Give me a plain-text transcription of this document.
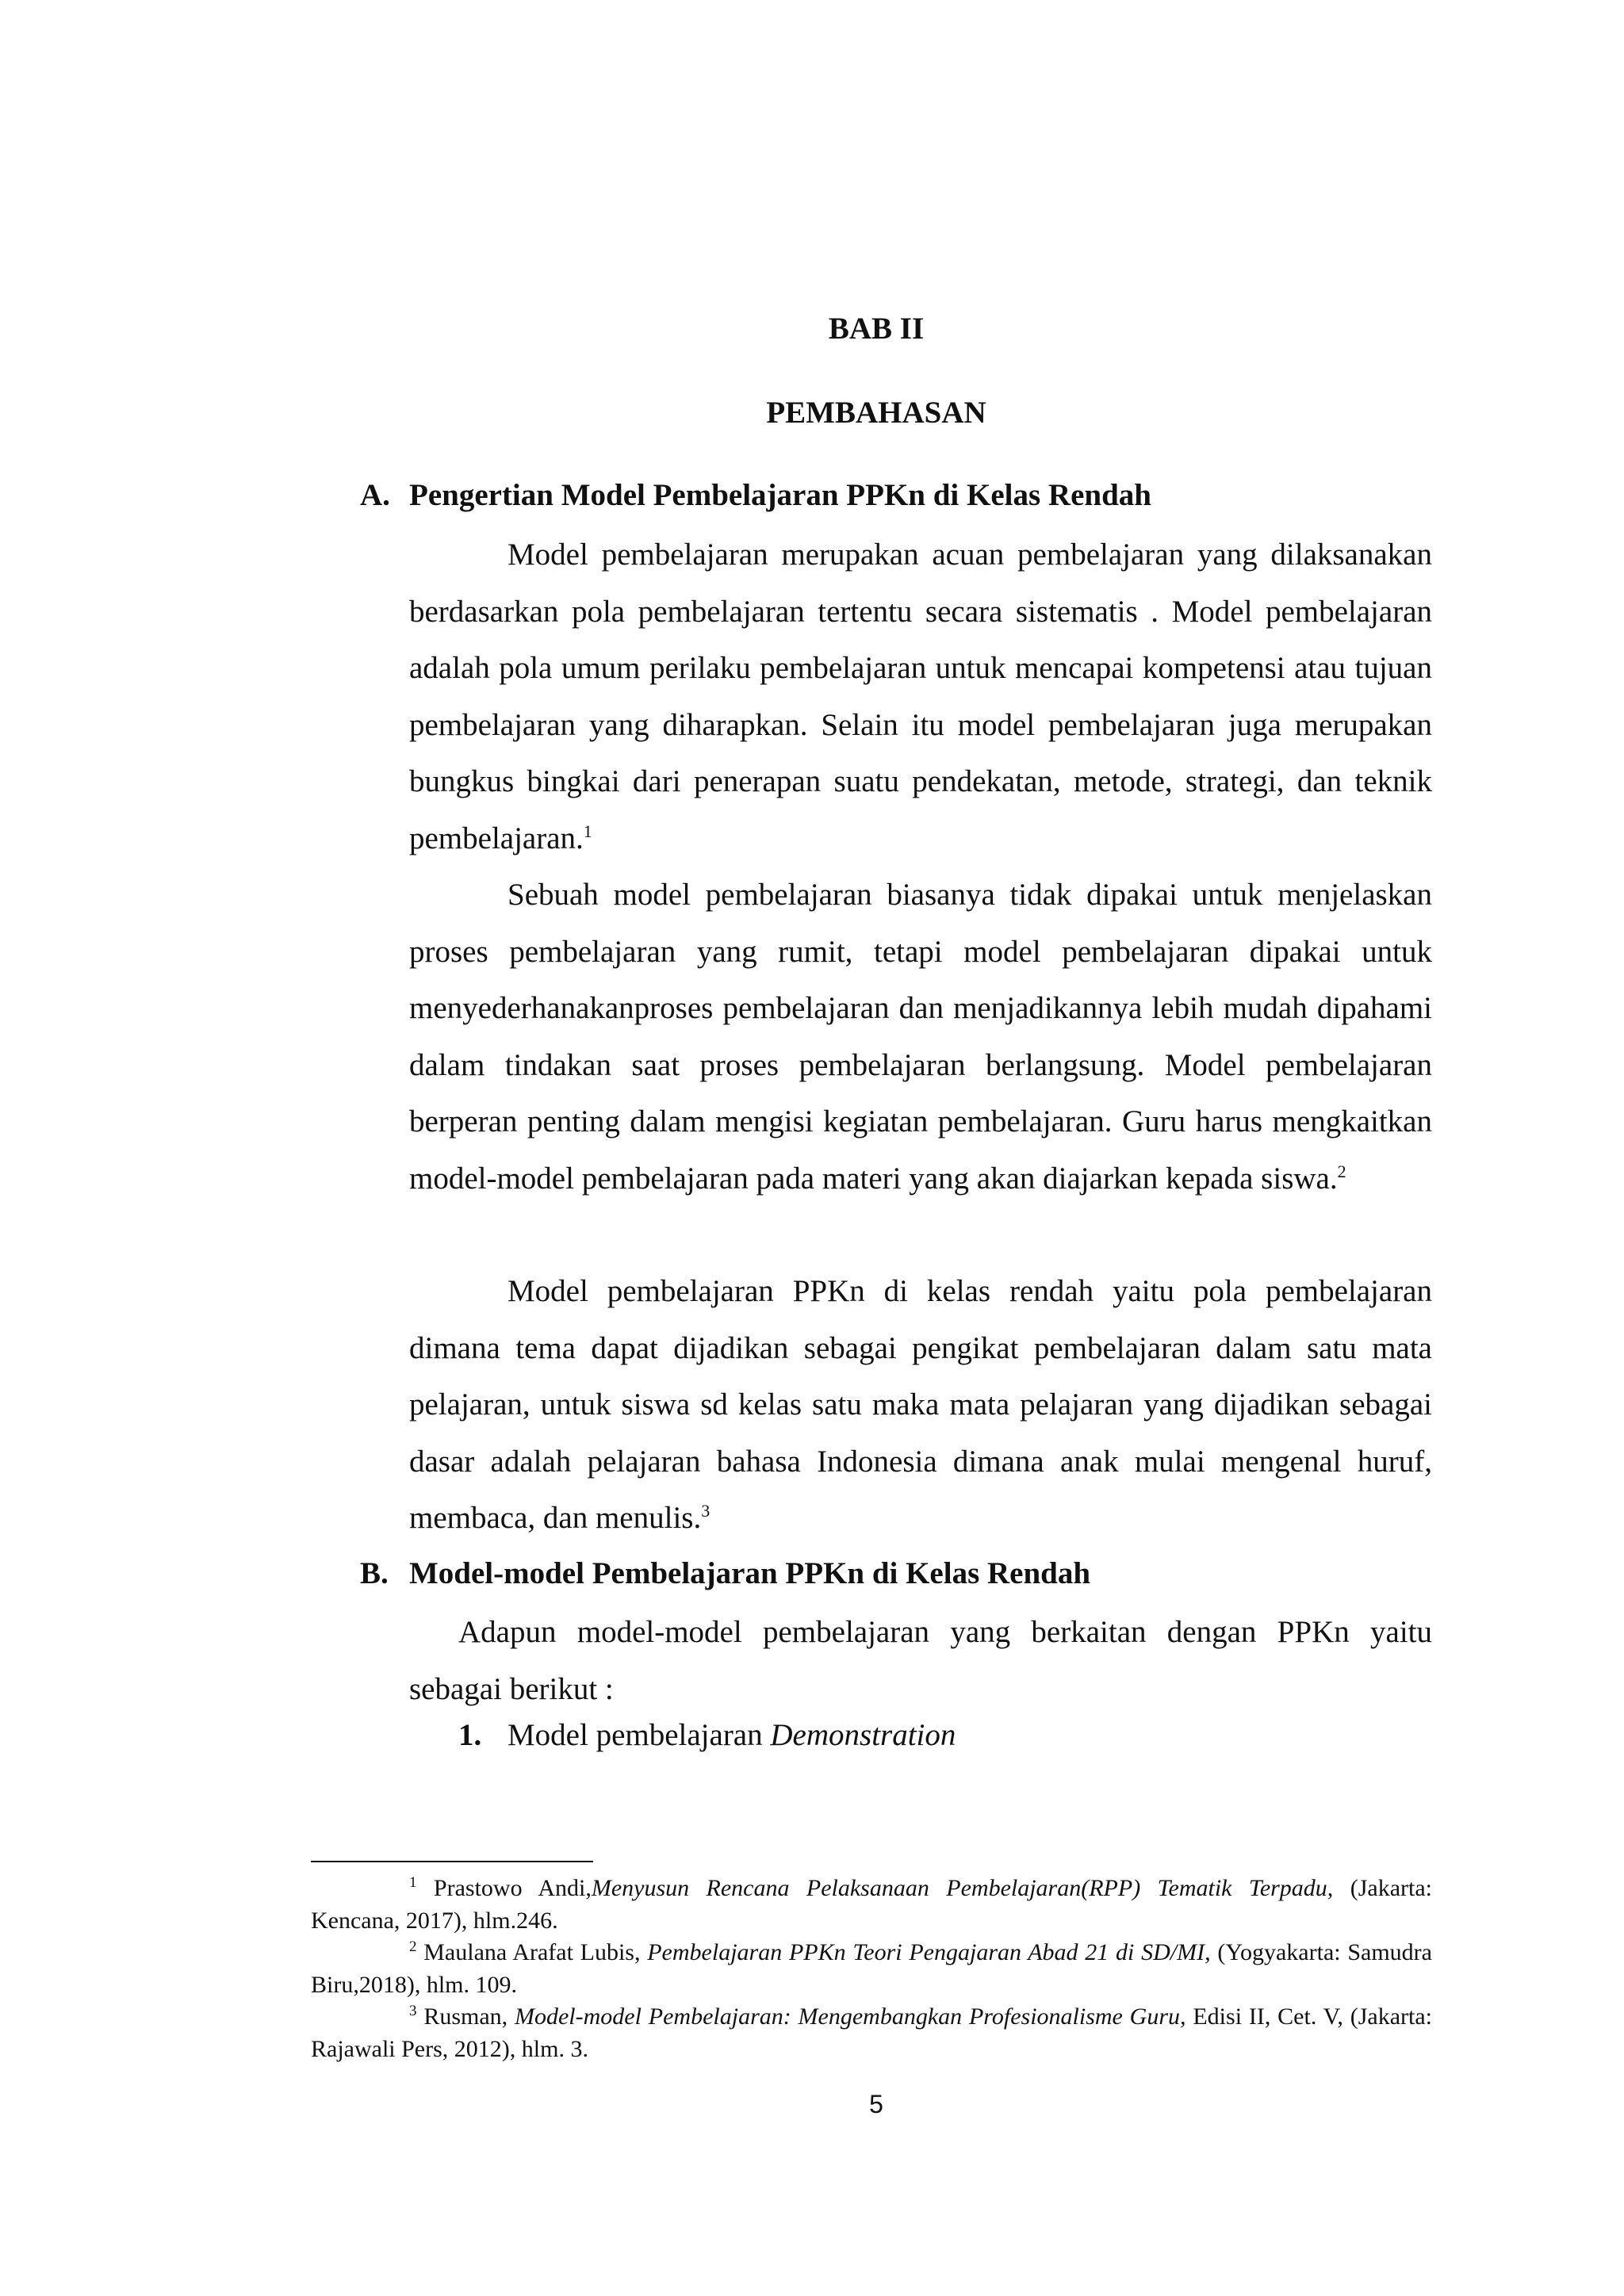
BAB II
PEMBAHASAN
A. Pengertian Model Pembelajaran PPKn di Kelas Rendah

Model pembelajaran merupakan acuan pembelajaran yang dilaksanakan berdasarkan pola pembelajaran tertentu secara sistematis . Model pembelajaran adalah pola umum perilaku pembelajaran untuk mencapai kompetensi atau tujuan pembelajaran yang diharapkan. Selain itu model pembelajaran juga merupakan bungkus bingkai dari penerapan suatu pendekatan, metode, strategi, dan teknik pembelajaran.$^1$

Sebuah model pembelajaran biasanya tidak dipakai untuk menjelaskan proses pembelajaran yang rumit, tetapi model pembelajaran dipakai untuk menyederhanakanproses pembelajaran dan menjadikannya lebih mudah dipahami dalam tindakan saat proses pembelajaran berlangsung. Model pembelajaran berperan penting dalam mengisi kegiatan pembelajaran. Guru harus mengkaitkan model-model pembelajaran pada materi yang akan diajarkan kepada siswa.$^2$

Model pembelajaran PPKn di kelas rendah yaitu pola pembelajaran dimana tema dapat dijadikan sebagai pengikat pembelajaran dalam satu mata pelajaran, untuk siswa sd kelas satu maka mata pelajaran yang dijadikan sebagai dasar adalah pelajaran bahasa Indonesia dimana anak mulai mengenal huruf, membaca, dan menulis.$^3$

B. Model-model Pembelajaran PPKn di Kelas Rendah

Adapun model-model pembelajaran yang berkaitan dengan PPKn yaitu sebagai berikut :

1. Model pembelajaran Demonstration

$^1$ Prastowo Andi,Menyusun Rencana Pelaksanaan Pembelajaran(RPP) Tematik Terpadu, (Jakarta: Kencana, 2017), hlm.246.

$^2$ Maulana Arafat Lubis, Pembelajaran PPKn Teori Pengajaran Abad 21 di SD/MI, (Yogyakarta: Samudra Biru,2018), hlm. 109.

$^3$ Rusman, Model-model Pembelajaran: Mengembangkan Profesionalisme Guru, Edisi II, Cet. V, (Jakarta: Rajawali Pers, 2012), hlm. 3.

5
